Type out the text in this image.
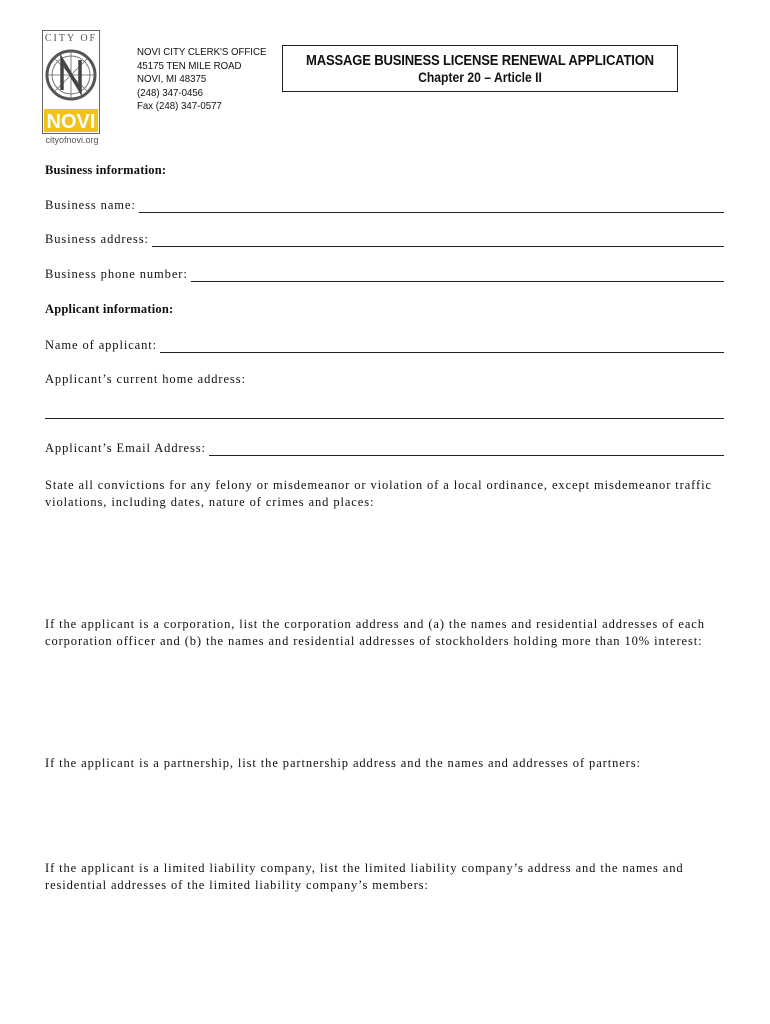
CITY OF
NOVI
cityofnovi.org
NOVI CITY CLERK'S OFFICE
45175 TEN MILE ROAD
NOVI, MI 48375
(248) 347-0456
Fax (248) 347-0577
MASSAGE BUSINESS LICENSE RENEWAL APPLICATION
Chapter 20 – Article II
Business information:
Business name:
Business address:
Business phone number:
Applicant information:
Name of applicant:
Applicant’s current home address:
Applicant’s Email Address:
State all convictions for any felony or misdemeanor or violation of a local ordinance, except misdemeanor traffic violations, including dates, nature of crimes and places:
If the applicant is a corporation, list the corporation address and (a) the names and residential addresses of each corporation officer and (b) the names and residential addresses of stockholders holding more than 10% interest:
If the applicant is a partnership, list the partnership address and the names and addresses of partners:
If the applicant is a limited liability company, list the limited liability company’s address and the names and residential addresses of the limited liability company’s members:
